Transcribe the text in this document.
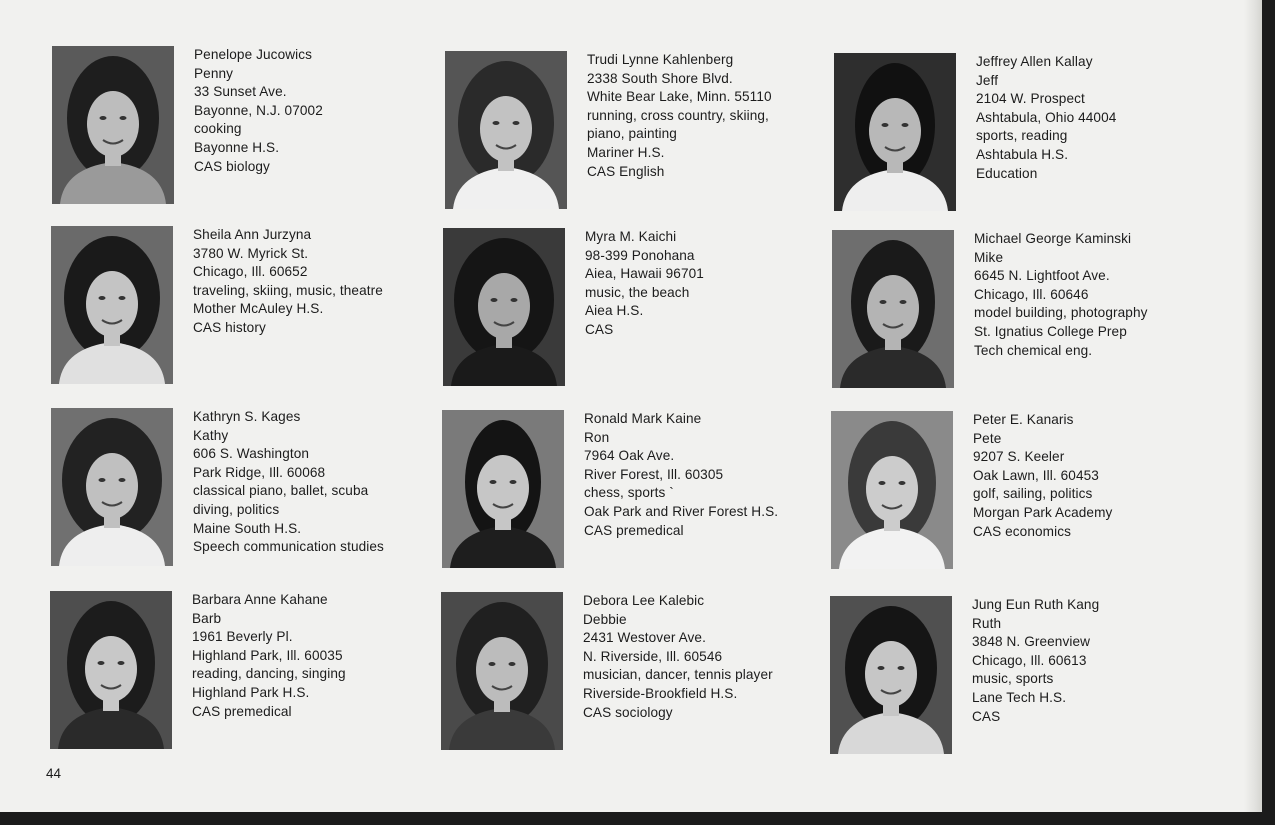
Penelope Jucowics
Penny
33 Sunset Ave.
Bayonne, N.J. 07002
cooking
Bayonne H.S.
CAS biology
Sheila Ann Jurzyna
3780 W. Myrick St.
Chicago, Ill. 60652
traveling, skiing, music, theatre
Mother McAuley H.S.
CAS history
Kathryn S. Kages
Kathy
606 S. Washington
Park Ridge, Ill. 60068
classical piano, ballet, scuba
diving, politics
Maine South H.S.
Speech communication studies
Barbara Anne Kahane
Barb
1961 Beverly Pl.
Highland Park, Ill. 60035
reading, dancing, singing
Highland Park H.S.
CAS premedical
Trudi Lynne Kahlenberg
2338 South Shore Blvd.
White Bear Lake, Minn. 55110
running, cross country, skiing,
piano, painting
Mariner H.S.
CAS English
Myra M. Kaichi
98-399 Ponohana
Aiea, Hawaii 96701
music, the beach
Aiea H.S.
CAS
Ronald Mark Kaine
Ron
7964 Oak Ave.
River Forest, Ill. 60305
chess, sports `
Oak Park and River Forest H.S.
CAS premedical
Debora Lee Kalebic
Debbie
2431 Westover Ave.
N. Riverside, Ill. 60546
musician, dancer, tennis player
Riverside-Brookfield H.S.
CAS sociology
Jeffrey Allen Kallay
Jeff
2104 W. Prospect
Ashtabula, Ohio 44004
sports, reading
Ashtabula H.S.
Education
Michael George Kaminski
Mike
6645 N. Lightfoot Ave.
Chicago, Ill. 60646
model building, photography
St. Ignatius College Prep
Tech chemical eng.
Peter E. Kanaris
Pete
9207 S. Keeler
Oak Lawn, Ill. 60453
golf, sailing, politics
Morgan Park Academy
CAS economics
Jung Eun Ruth Kang
Ruth
3848 N. Greenview
Chicago, Ill. 60613
music, sports
Lane Tech H.S.
CAS
44
